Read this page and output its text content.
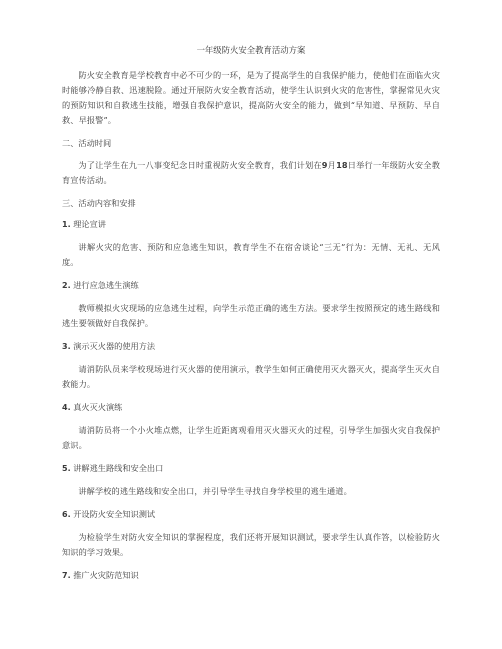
一年级防火安全教育活动方案

防火安全教育是学校教育中必不可少的一环，是为了提高学生的自我保护能力，使他们在面临火灾时能够冷静自救、迅速脱险。通过开展防火安全教育活动，使学生认识到火灾的危害性，掌握常见火灾的预防知识和自救逃生技能，增强自我保护意识，提高防火安全的能力，做到“早知道、早预防、早自救、早报警”。

二、活动时间

为了让学生在九一八事变纪念日时重视防火安全教育，我们计划在9月18日举行一年级防火安全教育宣传活动。

三、活动内容和安排
1. 理论宣讲

讲解火灾的危害、预防和应急逃生知识，教育学生不在宿舍谈论“三无”行为：无情、无礼、无风度。

2. 进行应急逃生演练

教师模拟火灾现场的应急逃生过程，向学生示范正确的逃生方法。要求学生按照预定的逃生路线和逃生要领做好自我保护。

3. 演示灭火器的使用方法

请消防队员来学校现场进行灭火器的使用演示，教学生如何正确使用灭火器灭火，提高学生灭火自救能力。

4. 真火灭火演练

请消防员将一个小火堆点燃，让学生近距离观看用灭火器灭火的过程，引导学生加强火灾自我保护意识。

5. 讲解逃生路线和安全出口

讲解学校的逃生路线和安全出口，并引导学生寻找自身学校里的逃生通道。

6. 开设防火安全知识测试

为检验学生对防火安全知识的掌握程度，我们还将开展知识测试，要求学生认真作答，以检验防火知识的学习效果。

7. 推广火灾防范知识
